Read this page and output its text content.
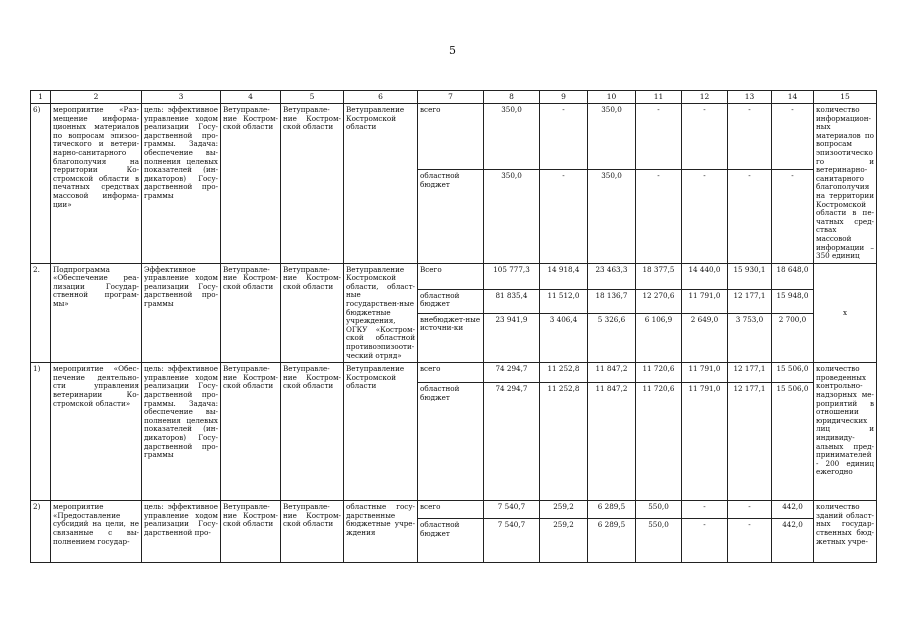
5
1	2	3	4	5	6	7	8	9	10	11	12	13	14	15
6)	мероприятие «Раз-мещение информа-ционных материалов по вопросам эпизоо-тического и ветери-нарно-санитарного благополучия на территории Ко-стромской области в печатных средствах массовой информа-ции»	цель: эффективное управление ходом реализации Госу-дарственной про-граммы. Задача: обеспечение вы-полнения целевых показателей (ин-дикаторов) Госу-дарственной про-граммы	Ветуправле-ние Костром-ской области	Ветуправле-ние Костром-ской области	Ветуправление Костромской области	всего	350,0	-	350,0	-	-	-	-	количество информацион-ных материалов по вопросам эпизоотического и ветеринарно-санитарного благополучия на территории Костромской области в пе-чатных сред-ствах массовой информации – 350 единиц
						областной бюджет	350,0	-	350,0	-	-	-	-	
2.	Подпрограмма «Обеспечение реа-лизации Государ-ственной програм-мы»	Эффективное управление ходом реализации Госу-дарственной про-граммы	Ветуправле-ние Костром-ской области	Ветуправле-ние Костром-ской области	Ветуправление Костромской области, облаcт-ные государствен-ные бюджетные учреждения, ОГКУ «Костром-ской областной противоэпизооти-ческий отряд»	Всего	105 777,3	14 918,4	23 463,3	18 377,5	14 440,0	15 930,1	18 648,0	х
						областной бюджет	81 835,4	11 512,0	18 136,7	12 270,6	11 791,0	12 177,1	15 948,0	
						внебюджет-ные источни-ки	23 941,9	3 406,4	5 326,6	6 106,9	2 649,0	3 753,0	2 700,0	
1)	мероприятие «Обес-печение деятельно-сти управления ветеринарии Ко-стромской области»	цель: эффективное управление ходом реализации Госу-дарственной про-граммы. Задача: обеспечение вы-полнения целевых показателей (ин-дикаторов) Госу-дарственной про-граммы	Ветуправле-ние Костром-ской области	Ветуправле-ние Костром-ской области	Ветуправление Костромской области	всего	74 294,7	11 252,8	11 847,2	11 720,6	11 791,0	12 177,1	15 506,0	количество проведенных контрольно-надзорных ме-роприятий в отношении юридических лиц и индивиду-альных пред-принимателей - 200 единиц ежегодно
						областной бюджет	74 294,7	11 252,8	11 847,2	11 720,6	11 791,0	12 177,1	15 506,0	
2)	мероприятие «Предоставление субсидий на цели, не связанные с вы-полнением государ-	цель: эффективное управление ходом реализации Госу-дарственной про-	Ветуправле-ние Костром-ской области	Ветуправле-ние Костром-ской области	областные госу-дарственные бюджетные учре-ждения	всего	7 540,7	259,2	6 289,5	550,0	-	-	442,0	количество зданий област-ных государ-ственных бюд-жетных учре-
						областной бюджет	7 540,7	259,2	6 289,5	550,0	-	-	442,0	
